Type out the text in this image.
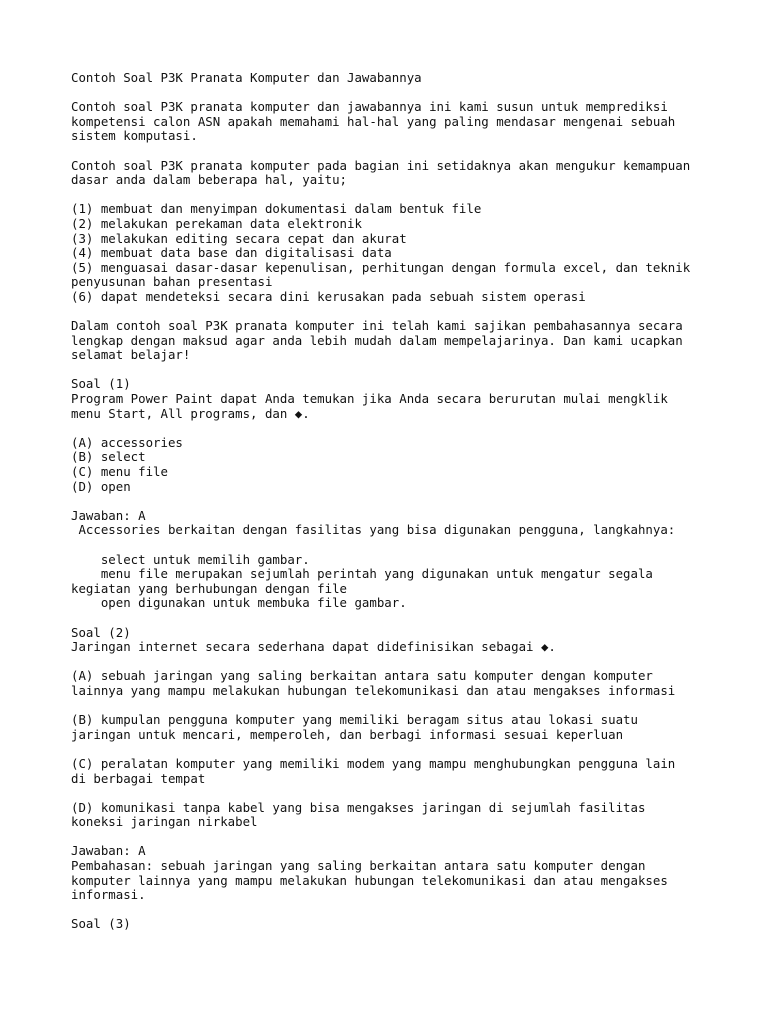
Contoh Soal P3K Pranata Komputer dan Jawabannya
Contoh soal P3K pranata komputer dan jawabannya ini kami susun untuk memprediksi
kompetensi calon ASN apakah memahami hal-hal yang paling mendasar mengenai sebuah
sistem komputasi.
Contoh soal P3K pranata komputer pada bagian ini setidaknya akan mengukur kemampuan
dasar anda dalam beberapa hal, yaitu;
(1) membuat dan menyimpan dokumentasi dalam bentuk file
(2) melakukan perekaman data elektronik
(3) melakukan editing secara cepat dan akurat
(4) membuat data base dan digitalisasi data
(5) menguasai dasar-dasar kepenulisan, perhitungan dengan formula excel, dan teknik
penyusunan bahan presentasi
(6) dapat mendeteksi secara dini kerusakan pada sebuah sistem operasi
Dalam contoh soal P3K pranata komputer ini telah kami sajikan pembahasannya secara
lengkap dengan maksud agar anda lebih mudah dalam mempelajarinya. Dan kami ucapkan
selamat belajar!
Soal (1)
Program Power Paint dapat Anda temukan jika Anda secara berurutan mulai mengklik
menu Start, All programs, dan ◆.
(A) accessories
(B) select
(C) menu file
(D) open
Jawaban: A
Accessories berkaitan dengan fasilitas yang bisa digunakan pengguna, langkahnya:
select untuk memilih gambar.
menu file merupakan sejumlah perintah yang digunakan untuk mengatur segala
kegiatan yang berhubungan dengan file
open digunakan untuk membuka file gambar.
Soal (2)
Jaringan internet secara sederhana dapat didefinisikan sebagai ◆.
(A) sebuah jaringan yang saling berkaitan antara satu komputer dengan komputer
lainnya yang mampu melakukan hubungan telekomunikasi dan atau mengakses informasi
(B) kumpulan pengguna komputer yang memiliki beragam situs atau lokasi suatu
jaringan untuk mencari, memperoleh, dan berbagi informasi sesuai keperluan
(C) peralatan komputer yang memiliki modem yang mampu menghubungkan pengguna lain
di berbagai tempat
(D) komunikasi tanpa kabel yang bisa mengakses jaringan di sejumlah fasilitas
koneksi jaringan nirkabel
Jawaban: A
Pembahasan: sebuah jaringan yang saling berkaitan antara satu komputer dengan
komputer lainnya yang mampu melakukan hubungan telekomunikasi dan atau mengakses
informasi.
Soal (3)
